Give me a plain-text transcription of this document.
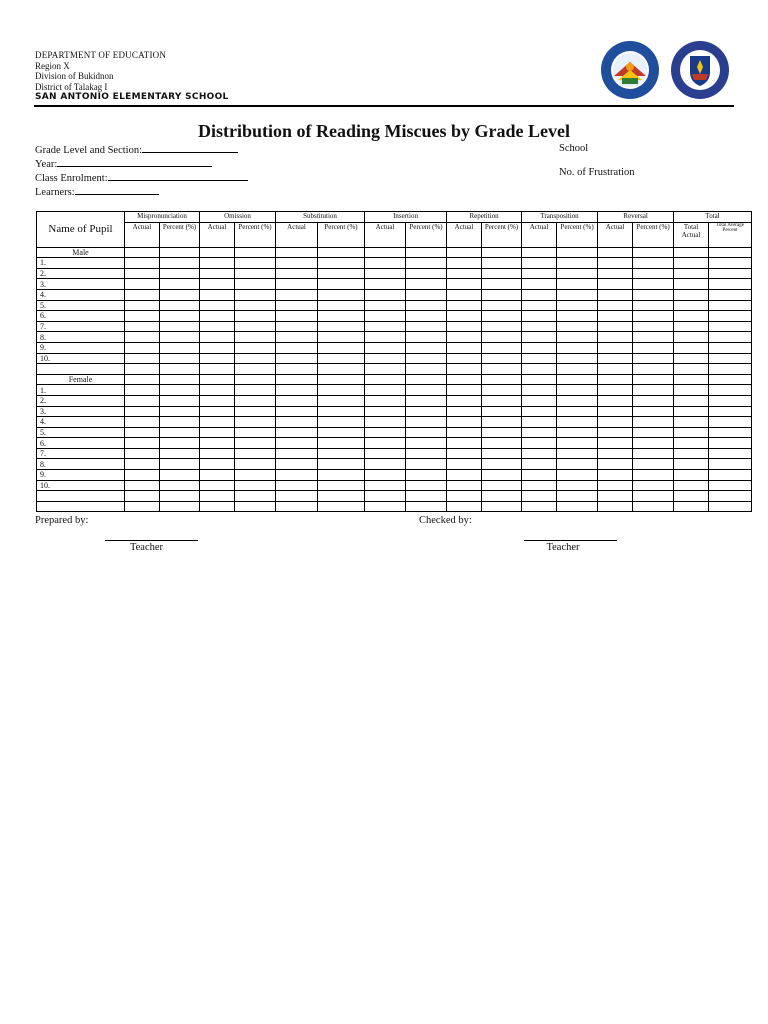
DEPARTMENT OF EDUCATION
Region X
Division of Bukidnon
District of Talakag I
SAN ANTONIO ELEMENTARY SCHOOL
Distribution of Reading Miscues by Grade Level
Grade Level and Section:
Year:
Class Enrolment:
Learners:
School
No. of Frustration
Name of Pupil	Mispronunciation		Omission		Substitution		Insertion		Repetition		Transposition		Reversal		Total	
	Actual	Percent (%)	Actual	Percent (%)	Actual	Percent (%)	Actual	Percent (%)	Actual	Percent (%)	Actual	Percent (%)	Actual	Percent (%)	Total Actual	Total Average Percent
Male																
1.																
2.																
3.																
4.																
5.																
6.																
7.																
8.																
9.																
10.																

Female																
1.																
2.																
3.																
4.																
5.																
6.																
7.																
8.																
9.																
10.																

Prepared by:	Checked by:
Teacher	Teacher
